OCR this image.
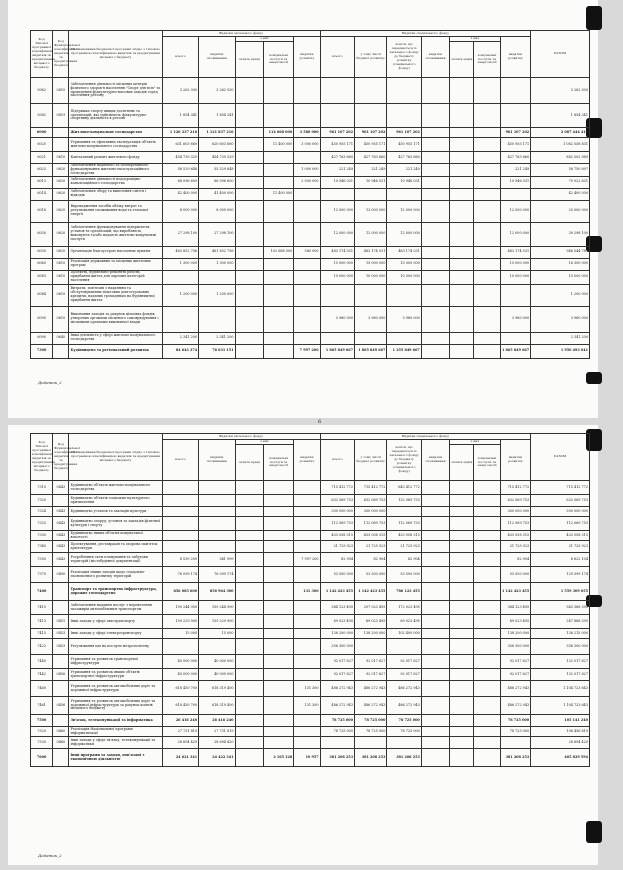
Код Типової програмної класифікації видатків та кредитування місцевого бюджету	Код Функціональної класифікації видатків та кредитування бюджету	Найменування бюджетної програми згідно з типовою програмною класифікацією видатків та кредитування місцевого бюджету	Видатки загального фонду					Видатки спеціального фонду							РАЗОМ
			всього	видатки споживання	з них		видатки розвитку	всього	у тому числі бюджет розвитку	кошти, що передаються із загального фонду до бюджету розвитку (спеціального фонду)	видатки споживання	з них		видатки розвитку	
					оплата праці	комунальні послуги та енергоносії						оплата праці	комунальні послуги та енергоносії		

5062	0810	Забезпечення діяльності місцевих центрів фізичного здоров'я населення "Спорт для всіх" та проведення фізкультурно-масових заходів серед населення регіону	3 262 930	3 262 930											3 262 930
5082	0819	Підтримка спорту вищих досягнень та організацій, які здійснюють фізкультурно-спортивну діяльність в регіоні	1 854 341	1 854 341											1 854 341
6000		Житлово-комунальне господарство	1 126 337 216	1 121 837 216		114 068 000	3 580 000	961 107 202	961 107 202	961 107 202				961 107 202	2 087 444 418
6020		Утримання та ефективна експлуатація об'єктів житлово-комунального господарства	631 603 660	620 603 660		11 400 000	3 000 000	450 955 171	450 955 171	450 955 171				450 955 171	1 082 558 831
6021	0610	Капітальний ремонт житлового фонду	454 739 329	454 739 329				427 763 660	427 763 660	427 763 660				427 763 660	882 502 989
6023	0620	Забезпечення надійного та безперебійного функціонування житлово-експлуатаційного господарства	58 529 648	55 529 648			1 000 000	221 249	221 249	221 249				221 249	58 750 897
6013	0620	Забезпечення діяльності водопровідно-каналізаційного господарства	68 096 600	66 096 600			2 000 000	10 946 031	10 946 031	10 946 031				10 946 031	79 022 631
6014	0620	Забезпечення збору та вивезення сміття і відходів	42 400 000	41 400 000		11 400 000									42 400 000
6016	0620	Впровадження засобів обліку витрат та регулювання споживання води та теплової енергії	8 000 000	8 000 000				12 000 000	12 000 000	12 000 000				12 000 000	20 000 000
6030	0620	Забезпечення функціонування підприємств, установ та організацій, що виробляють, виконують та/або надають житлово-комунальні послуги	27 298 100	27 298 100				12 000 000	12 000 000	12 000 000				12 000 000	39 298 100
6030	0620	Організація благоустрою населених пунктів	463 852 756	461 852 756		102 668 000	580 000	483 174 031	483 174 031	483 174 031				483 174 031	946 044 787
6060	0610	Реалізація державних та місцевих житлових програм	1 300 000	1 300 000				15 000 000	15 000 000	15 000 000				15 000 000	16 300 000
6083	0610	Проектні, будівельно-ремонтні роботи, придбання житла для окремих категорій населення						10 000 000	10 000 000	10 000 000				10 000 000	10 000 000
6084	0610	Витрати, пов'язані з наданням та обслуговуванням пільгових довгострокових кредитів, наданих громадянам на будівництво/придбання житла	1 200 000	1 200 000											1 200 000
6090	0610	Виконання заходів за рахунок цільових фондів, утворених органами місцевого самоврядування і місцевими органами виконавчої влади						3 960 000	3 960 000	3 960 000				3 960 000	3 960 000
6090	0640	Інша діяльність у сфері житлово-комунального господарства	2 341 200	2 341 200											2 341 200
7300		Будівництво та регіональний розвиток	84 643 374	76 631 151			7 997 200	1 865 849 667	1 865 849 667	1 255 849 667				1 865 849 667	1 950 493 041
Додаток_2
6
Код Типової програмної класифікації видатків та кредитування місцевого бюджету	Код Функціональної класифікації видатків та кредитування бюджету	Найменування бюджетної програми згідно з типовою програмною класифікацією видатків та кредитування місцевого бюджету	Видатки загального фонду					Видатки спеціального фонду							РАЗОМ
			всього	видатки споживання	з них		видатки розвитку	всього	у тому числі бюджет розвитку	кошти, що передаються із загального фонду до бюджету розвитку (спеціального фонду)	видатки споживання	з них		видатки розвитку	
					оплата праці	комунальні послуги та енергоносії						оплата праці	комунальні послуги та енергоносії		

7310	0443	Будівництво об'єктів житлово-комунального господарства						715 412 772	715 412 772	643 412 772				715 412 772	715 412 772
7320		Будівництво об'єктів соціально-культурного призначення						632 069 753	632 069 753	132 069 753				632 069 753	632 069 753
7324	0443	Будівництво установ та закладів культури						300 000 000	300 000 000					300 000 000	300 000 000
7325	0443	Будівництво споруд, установ та закладів фізичної культури і спорту						112 069 753	112 069 753	112 069 753				112 069 753	112 069 753
7330	0443	Будівництво інших об'єктів комунальної власності						433 058 315	433 058 315	433 058 315				433 058 315	433 058 315
7340	0443	Проектування, реставрація та охорона пам'яток архітектури						21 725 923	21 725 923	21 725 923				21 725 923	21 725 923
7350	0443	Розроблення схем планування та забудови територій (містобудівної документації)	8 539 200	541 999			7 997 200	82 904	82 904	82 904				82 904	8 622 104
7370	0490	Реалізація інших заходів щодо соціально-економічного розвитку територій	76 099 174	76 099 174				53 500 000	53 500 000	53 500 000				53 500 000	129 599 174
7400		Транспорт та транспортна інфраструктура, дорожнє господарство	856 085 600	856 964 300			131 300	1 142 423 455	1 142 423 455	786 123 455				1 142 423 455	1 559 309 055
7410		Забезпечення надання послуг з перевезення пасажирів автомобільним транспортом	159 244 900	159 244 900				384 123 495	207 023 495	172 023 495				384 123 495	543 368 395
7413	0451	Інші заходи у сфері автотранспорту	159 229 900	159 229 900				69 023 495	69 023 495	69 023 495				69 023 495	247 868 395
7415	0453	Інші заходи у сфері електротранспорту	15 000	15 000				138 200 000	138 200 000	102 400 000				138 200 000	138 215 000
7422	0453	Регулювання цін на послуги метрополітену						356 300 000						356 300 000	356 300 000
7440		Утримання та розвиток транспортної інфраструктури	40 000 000	40 000 000				92 017 627	92 017 627	92 017 627				92 017 627	132 017 627
7442	0456	Утримання та розвиток інших об'єктів транспортної інфраструктури	40 000 000	40 000 000				92 017 627	92 017 627	92 017 627				92 017 627	132 017 627
7460		Утримання та розвиток автомобільних доріг та дорожньої інфраструктури	618 450 700	618 319 400			131 300	486 272 943	486 272 943	486 272 943				486 272 943	1 104 723 643
7461	0456	Утримання та розвиток автомобільних доріг та дорожньої інфраструктури за рахунок коштів місцевого бюджету	618 450 700	618 319 400			131 300	486 272 943	486 272 943	486 272 943				486 272 943	1 104 723 643
7500		Зв'язок, телекомунікації та інформатика	26 416 240	26 416 240				78 725 000	78 725 000	78 725 000				78 725 000	105 141 240
7520	0460	Реалізація Національної програми інформатизації	27 731 819	27 731 819				78 725 000	78 725 000	78 725 000				78 725 000	106 456 819
7530	0460	Інші заходи у сфері зв'язку, телекомунікації та інформатики	28 694 420	28 694 420											28 694 420
7600		Інші програми та заходи, пов'язані з економічною діяльністю	24 621 341	24 422 341		2 165 128	10 957	381 208 253	381 208 253	381 208 253				381 208 253	405 829 594
Додаток_2
